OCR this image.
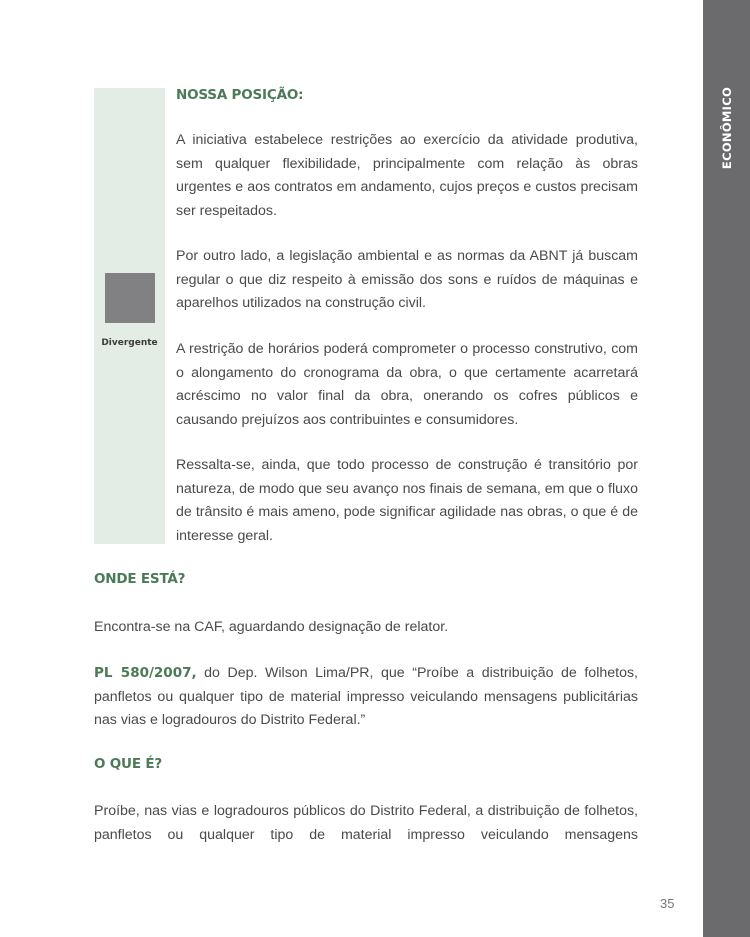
ECONÔMICO
Divergente
NOSSA POSIÇÃO:

A iniciativa estabelece restrições ao exercício da atividade produtiva, sem qualquer flexibilidade, principalmente com relação às obras urgentes e aos contratos em andamento, cujos preços e custos precisam ser respeitados.

Por outro lado, a legislação ambiental e as normas da ABNT já buscam regular o que diz respeito à emissão dos sons e ruídos de máquinas e aparelhos utilizados na construção civil.

A restrição de horários poderá comprometer o processo construtivo, com o alongamento do cronograma da obra, o que certamente acarretará acréscimo no valor final da obra, onerando os cofres públicos e causando prejuízos aos contribuintes e consumidores.

Ressalta-se, ainda, que todo processo de construção é transitório por natureza, de modo que seu avanço nos finais de semana, em que o fluxo de trânsito é mais ameno, pode significar agilidade nas obras, o que é de interesse geral.

ONDE ESTÁ?

Encontra-se na CAF, aguardando designação de relator.

PL 580/2007, do Dep. Wilson Lima/PR, que “Proíbe a distribuição de folhetos, panfletos ou qualquer tipo de material impresso veiculando mensagens publicitárias nas vias e logradouros do Distrito Federal.”

O QUE É?

Proíbe, nas vias e logradouros públicos do Distrito Federal, a distribuição de folhetos, panfletos ou qualquer tipo de material impresso veiculando mensagens

35
